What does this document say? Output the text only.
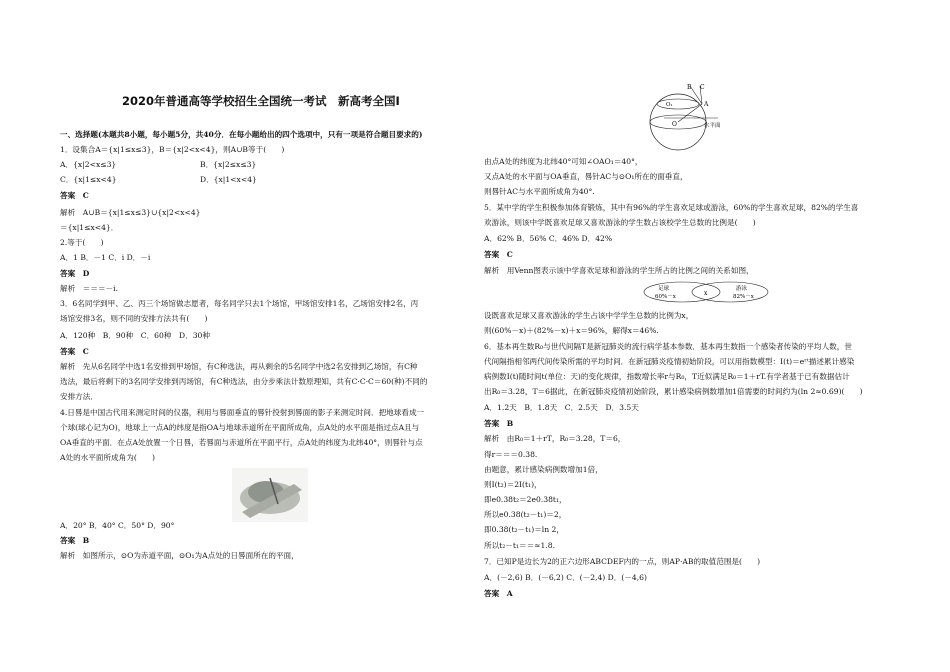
2020年普通高等学校招生全国统一考试　新高考全国Ⅰ
一、选择题(本题共8小题，每小题5分，共40分．在每小题给出的四个选项中，只有一项是符合题目要求的)
1．设集合A＝{x|1≤x≤3}，B＝{x|2<x<4}，则A∪B等于(　　)
A．{x|2<x≤3}	B．{x|2≤x≤3}
C．{x|1≤x<4}	D．{x|1<x<4}
答案　C
解析　A∪B＝{x|1≤x≤3}∪{x|2<x<4}
＝{x|1≤x<4}．
2.等于(　　)
A．1 B．－1 C．i D．－i
答案　D
解析　＝＝＝－i.
3．6名同学到甲、乙、丙三个场馆做志愿者，每名同学只去1个场馆，甲场馆安排1名，乙场馆安排2名，丙
场馆安排3名，则不同的安排方法共有(　　)
A．120种　B．90种　C．60种　D．30种
答案　C
解析　先从6名同学中选1名安排到甲场馆，有C种选法，再从剩余的5名同学中选2名安排到乙场馆，有C种
选法，最后将剩下的3名同学安排到丙场馆，有C种选法，由分步乘法计数原理知，共有C·C·C＝60(种)不同的
安排方法．
4.日晷是中国古代用来测定时间的仪器，利用与晷面垂直的晷针投射到晷面的影子来测定时间．把地球看成一
个球(球心记为O)，地球上一点A的纬度是指OA与地球赤道所在平面所成角，点A处的水平面是指过点A且与
OA垂直的平面．在点A处放置一个日晷，若晷面与赤道所在平面平行，点A处的纬度为北纬40°，则晷针与点
A处的水平面所成角为(　　)
A．20° B．40° C．50° D．90°
答案　B
解析　如图所示，⊙O为赤道平面，⊙O₁为A点处的日晷面所在的平面，
由点A处的纬度为北纬40°可知∠OAO₁＝40°，
又点A处的水平面与OA垂直，晷针AC与⊙O₁所在的面垂直，
则晷针AC与水平面所成角为40°.
5．某中学的学生积极参加体育锻炼，其中有96%的学生喜欢足球或游泳，60%的学生喜欢足球，82%的学生喜
欢游泳，则该中学既喜欢足球又喜欢游泳的学生数占该校学生总数的比例是(　　)
A．62% B．56% C．46% D．42%
答案　C
解析　用Venn图表示该中学喜欢足球和游泳的学生所占的比例之间的关系如图，
设既喜欢足球又喜欢游泳的学生占该中学学生总数的比例为x，
则(60%－x)＋(82%－x)＋x＝96%，解得x＝46%.
6．基本再生数R₀与世代间隔T是新冠肺炎的流行病学基本参数．基本再生数指一个感染者传染的平均人数，世
代间隔指相邻两代间传染所需的平均时间．在新冠肺炎疫情初始阶段，可以用指数模型：I(t)＝eʳᵗ描述累计感染
病例数I(t)随时间t(单位：天)的变化规律，指数增长率r与R₀，T近似满足R₀＝1＋rT.有学者基于已有数据估计
出R₀＝3.28，T＝6据此，在新冠肺炎疫情初始阶段，累计感染病例数增加1倍需要的时间约为(ln 2≈0.69)(　　)
A．1.2天　B．1.8天　C．2.5天　D．3.5天
答案　B
解析　由R₀＝1＋rT，R₀＝3.28，T＝6，
得r＝＝＝0.38.
由题意，累计感染病例数增加1倍，
则I(t₂)＝2I(t₁)，
即e0.38t₂＝2e0.38t₁，
所以e0.38(t₂－t₁)＝2，
即0.38(t₂－t₁)＝ln 2，
所以t₂－t₁＝＝≈1.8.
7．已知P是边长为2的正六边形ABCDEF内的一点，则AP·AB的取值范围是(　　)
A．(－2,6) B．(－6,2) C．(－2,4) D．(－4,6)
答案　A
B C
O₁	A
O	水平面
足球
60%－x	x
游泳
82%－x
